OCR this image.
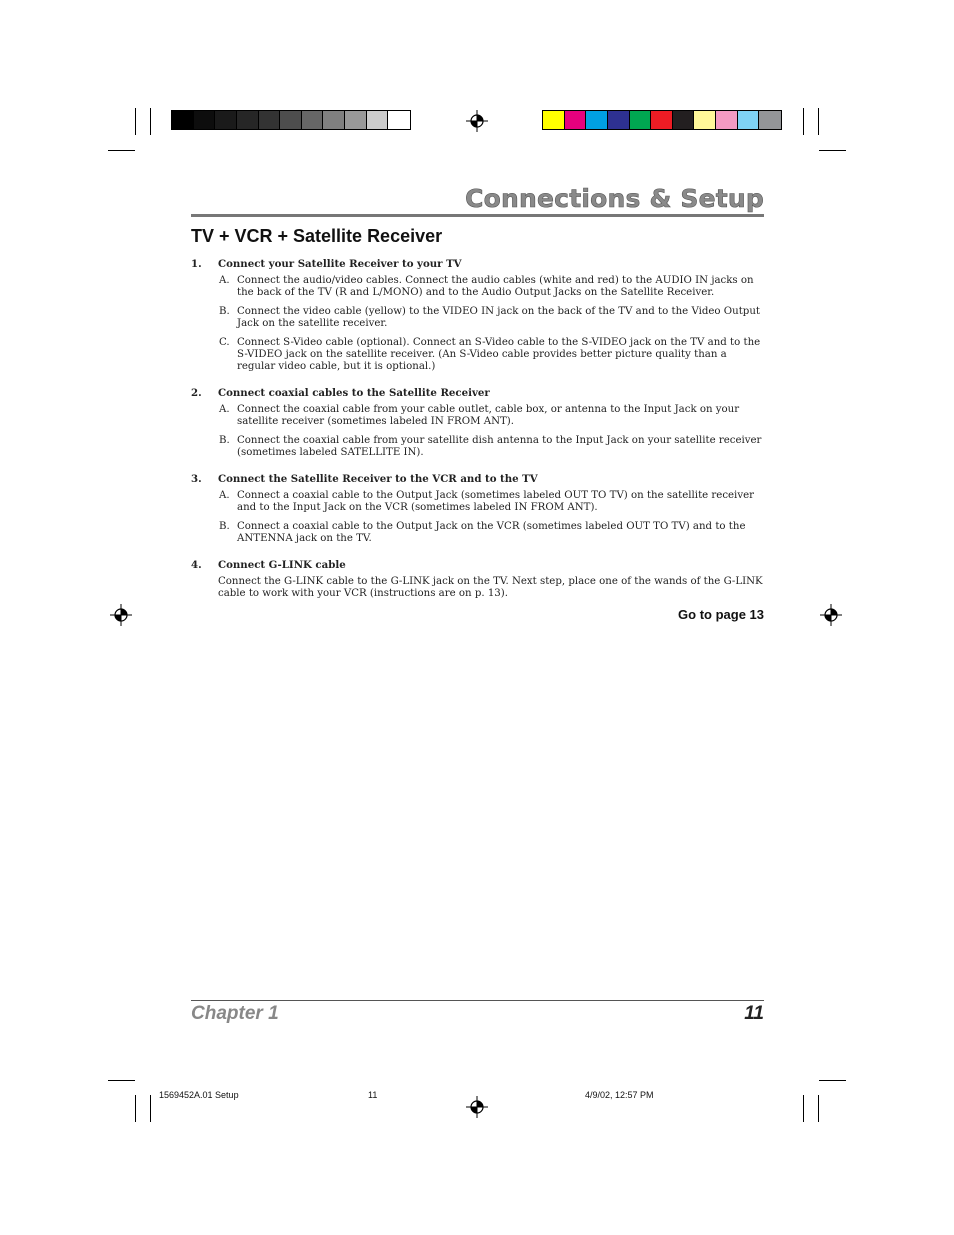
Connections & Setup
TV + VCR + Satellite Receiver
1.	Connect your Satellite Receiver to your TV
A. Connect the audio/video cables. Connect the audio cables (white and red) to the AUDIO IN jacks on the back of the TV (R and L/MONO) and to the Audio Output Jacks on the Satellite Receiver.
B. Connect the video cable (yellow) to the VIDEO IN jack on the back of the TV and to the Video Output Jack on the satellite receiver.
C. Connect S-Video cable (optional). Connect an S-Video cable to the S-VIDEO jack on the TV and to the S-VIDEO jack on the satellite receiver. (An S-Video cable provides better picture quality than a regular video cable, but it is optional.)
2.	Connect coaxial cables to the Satellite Receiver
A. Connect the coaxial cable from your cable outlet, cable box, or antenna to the Input Jack on your satellite receiver (sometimes labeled IN FROM ANT).
B. Connect the coaxial cable from your satellite dish antenna to the Input Jack on your satellite receiver (sometimes labeled SATELLITE IN).
3.	Connect the Satellite Receiver to the VCR and to the TV
A. Connect a coaxial cable to the Output Jack (sometimes labeled OUT TO TV) on the satellite receiver and to the Input Jack on the VCR (sometimes labeled IN FROM ANT).
B. Connect a coaxial cable to the Output Jack on the VCR (sometimes labeled OUT TO TV) and to the ANTENNA jack on the TV.
4.	Connect G-LINK cable
Connect the G-LINK cable to the G-LINK jack on the TV. Next step, place one of the wands of the G-LINK cable to work with your VCR (instructions are on p. 13).
Go to page 13
Chapter 1	11
1569452A.01 Setup	11	4/9/02, 12:57 PM
